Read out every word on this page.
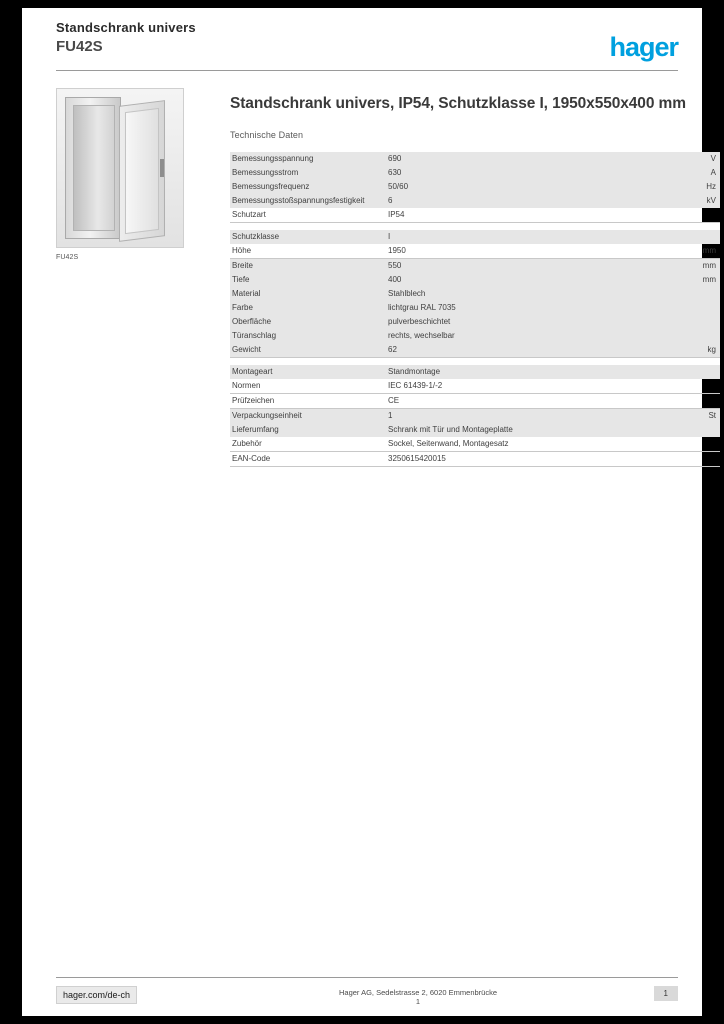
Standschrank univers
FU42S	hager
FU42S
Standschrank univers, IP54, Schutzklasse I, 1950x550x400 mm
Technische Daten
Bemessungsspannung	690	V
Bemessungsstrom	630	A
Bemessungsfrequenz	50/60	Hz
Bemessungsstoßspannungsfestigkeit	6	kV
Schutzart	IP54	

Schutzklasse	I	
Höhe	1950	mm
Breite	550	mm
Tiefe	400	mm
Material	Stahlblech	
Farbe	lichtgrau RAL 7035	
Oberfläche	pulverbeschichtet	
Türanschlag	rechts, wechselbar	
Gewicht	62	kg

Montageart	Standmontage	
Normen	IEC 61439-1/-2	
Prüfzeichen	CE	
Verpackungseinheit	1	St
Lieferumfang	Schrank mit Tür und Montageplatte	
Zubehör	Sockel, Seitenwand, Montagesatz	
EAN-Code	3250615420015	
hager.com/de-ch	Hager AG, Sedelstrasse 2, 6020 Emmenbrücke
1
1
